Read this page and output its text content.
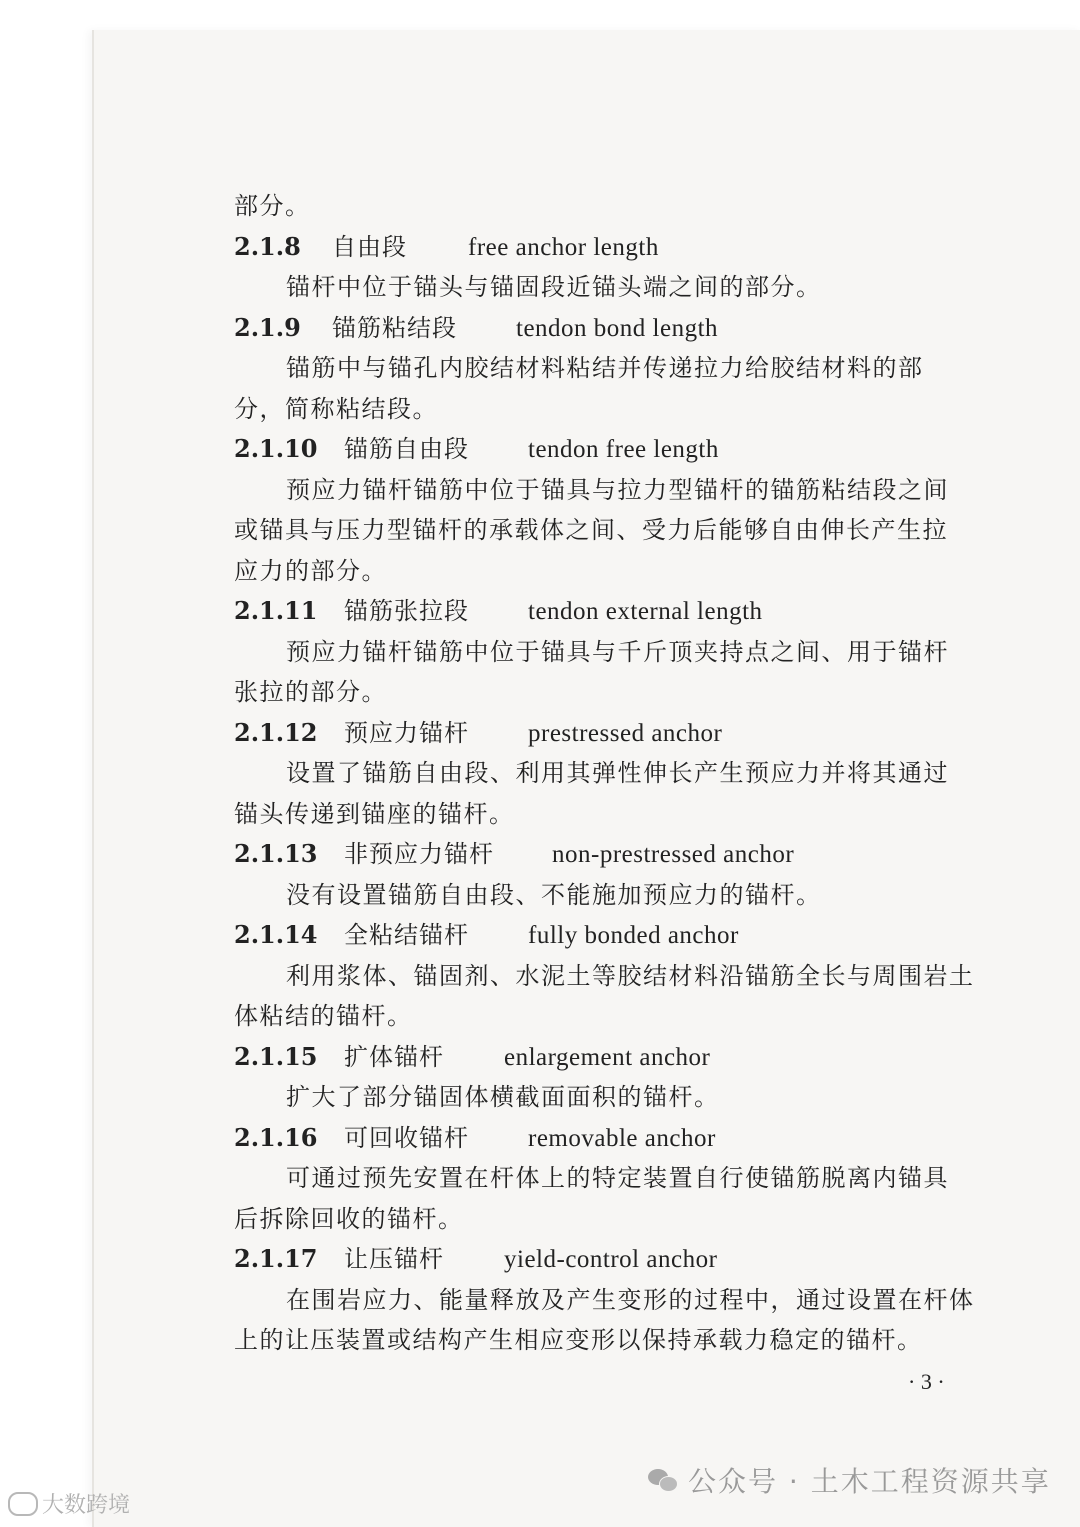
部分。
2.1.8 自由段 free anchor length
锚杆中位于锚头与锚固段近锚头端之间的部分。
2.1.9 锚筋粘结段 tendon bond length
锚筋中与锚孔内胶结材料粘结并传递拉力给胶结材料的部
分，简称粘结段。
2.1.10 锚筋自由段 tendon free length
预应力锚杆锚筋中位于锚具与拉力型锚杆的锚筋粘结段之间
或锚具与压力型锚杆的承载体之间、受力后能够自由伸长产生拉
应力的部分。
2.1.11 锚筋张拉段 tendon external length
预应力锚杆锚筋中位于锚具与千斤顶夹持点之间、用于锚杆
张拉的部分。
2.1.12 预应力锚杆 prestressed anchor
设置了锚筋自由段、利用其弹性伸长产生预应力并将其通过
锚头传递到锚座的锚杆。
2.1.13 非预应力锚杆 non-prestressed anchor
没有设置锚筋自由段、不能施加预应力的锚杆。
2.1.14 全粘结锚杆 fully bonded anchor
利用浆体、锚固剂、水泥土等胶结材料沿锚筋全长与周围岩土
体粘结的锚杆。
2.1.15 扩体锚杆 enlargement anchor
扩大了部分锚固体横截面面积的锚杆。
2.1.16 可回收锚杆 removable anchor
可通过预先安置在杆体上的特定装置自行使锚筋脱离内锚具
后拆除回收的锚杆。
2.1.17 让压锚杆 yield-control anchor
在围岩应力、能量释放及产生变形的过程中，通过设置在杆体
上的让压装置或结构产生相应变形以保持承载力稳定的锚杆。
· 3 ·
公众号 · 土木工程资源共享
大数跨境
